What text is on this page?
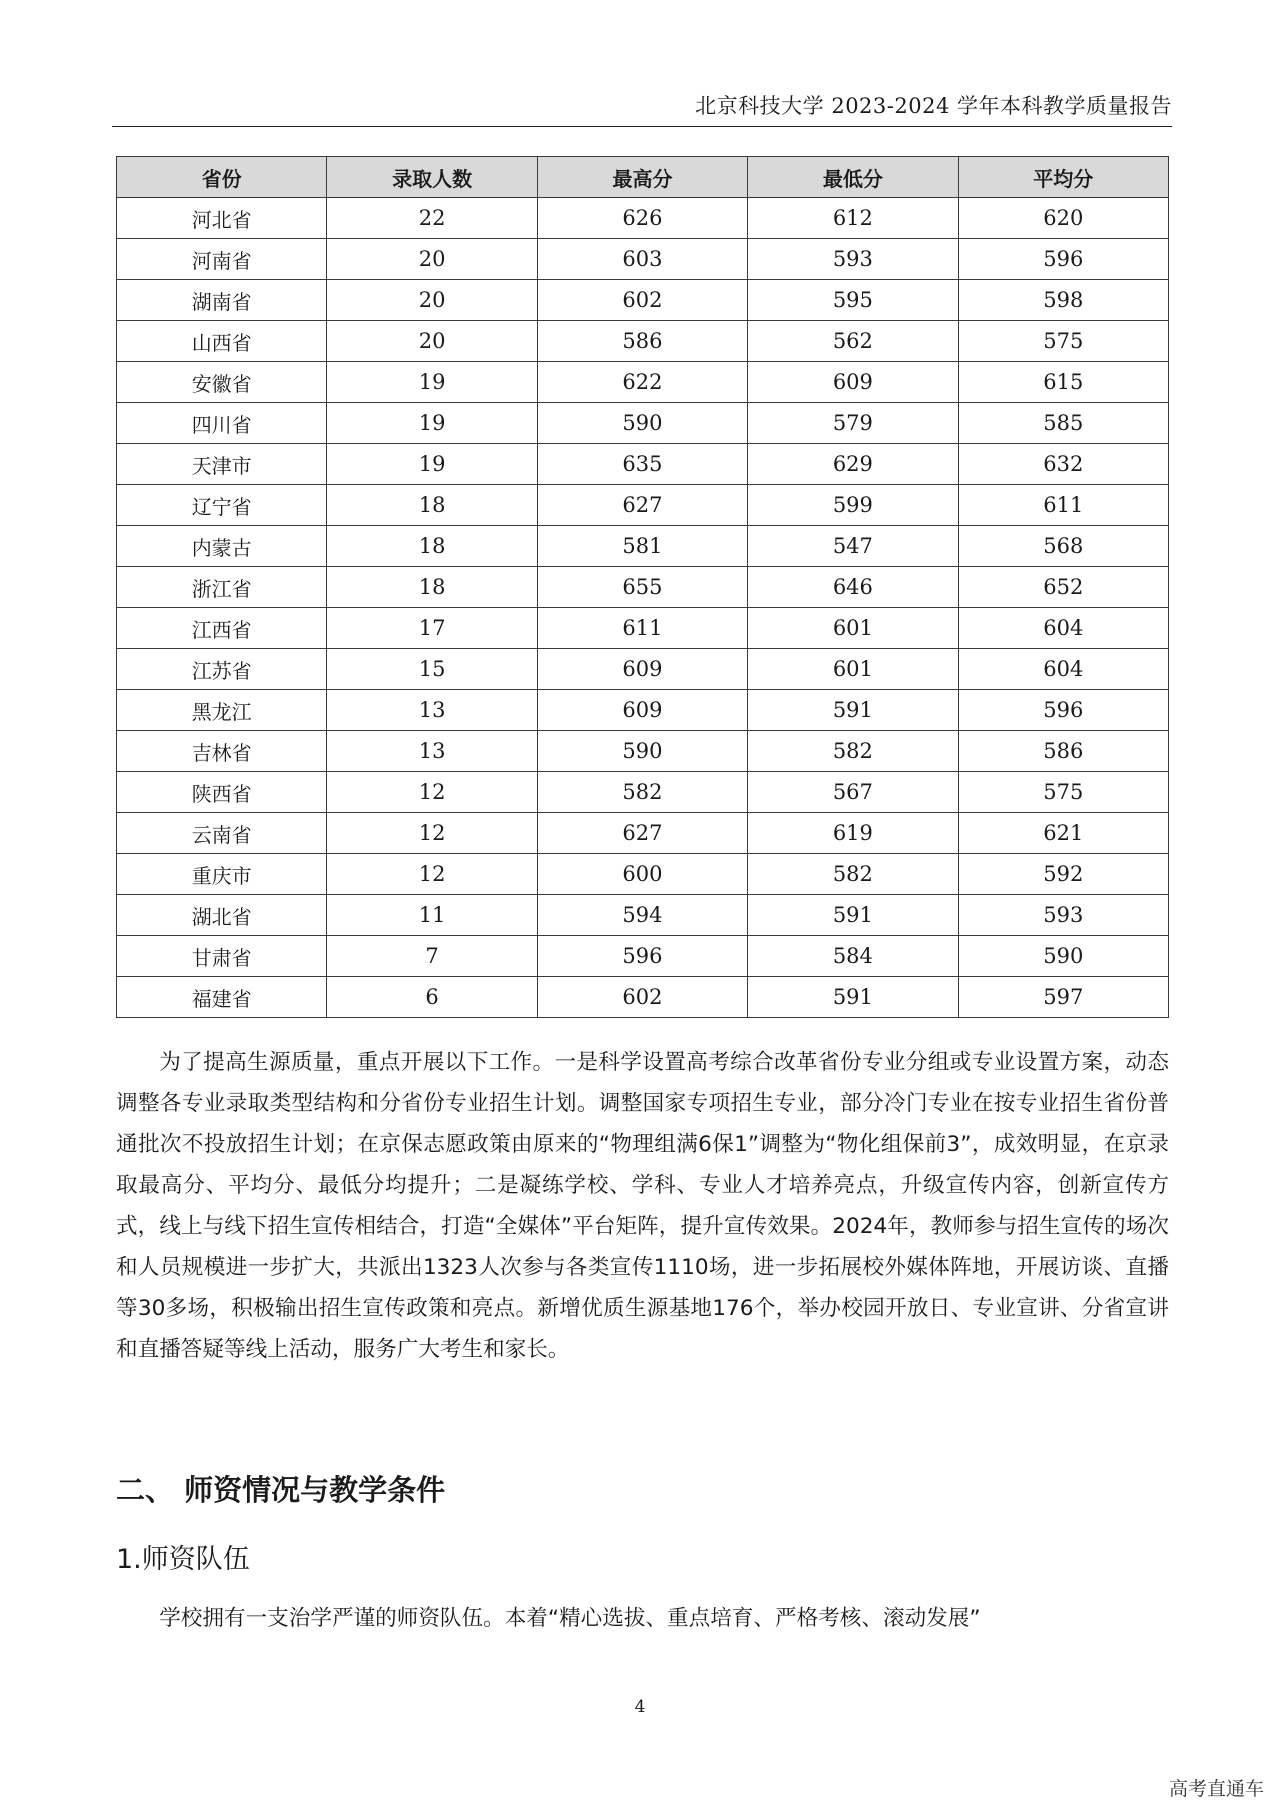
北京科技大学 2023-2024 学年本科教学质量报告
省份	录取人数	最高分	最低分	平均分
河北省	22	626	612	620
河南省	20	603	593	596
湖南省	20	602	595	598
山西省	20	586	562	575
安徽省	19	622	609	615
四川省	19	590	579	585
天津市	19	635	629	632
辽宁省	18	627	599	611
内蒙古	18	581	547	568
浙江省	18	655	646	652
江西省	17	611	601	604
江苏省	15	609	601	604
黑龙江	13	609	591	596
吉林省	13	590	582	586
陕西省	12	582	567	575
云南省	12	627	619	621
重庆市	12	600	582	592
湖北省	11	594	591	593
甘肃省	7	596	584	590
福建省	6	602	591	597
为了提高生源质量，重点开展以下工作。一是科学设置高考综合改革省份专业分组或专业设置方案，动态调整各专业录取类型结构和分省份专业招生计划。调整国家专项招生专业，部分冷门专业在按专业招生省份普通批次不投放招生计划；在京保志愿政策由原来的“物理组满6保1”调整为“物化组保前3”，成效明显，在京录取最高分、平均分、最低分均提升；二是凝练学校、学科、专业人才培养亮点，升级宣传内容，创新宣传方式，线上与线下招生宣传相结合，打造“全媒体”平台矩阵，提升宣传效果。2024年，教师参与招生宣传的场次和人员规模进一步扩大，共派出1323人次参与各类宣传1110场，进一步拓展校外媒体阵地，开展访谈、直播等30多场，积极输出招生宣传政策和亮点。新增优质生源基地176个，举办校园开放日、专业宣讲、分省宣讲和直播答疑等线上活动，服务广大考生和家长。
二、 师资情况与教学条件
1.师资队伍
学校拥有一支治学严谨的师资队伍。本着“精心选拔、重点培育、严格考核、滚动发展”
4
高考直通车
